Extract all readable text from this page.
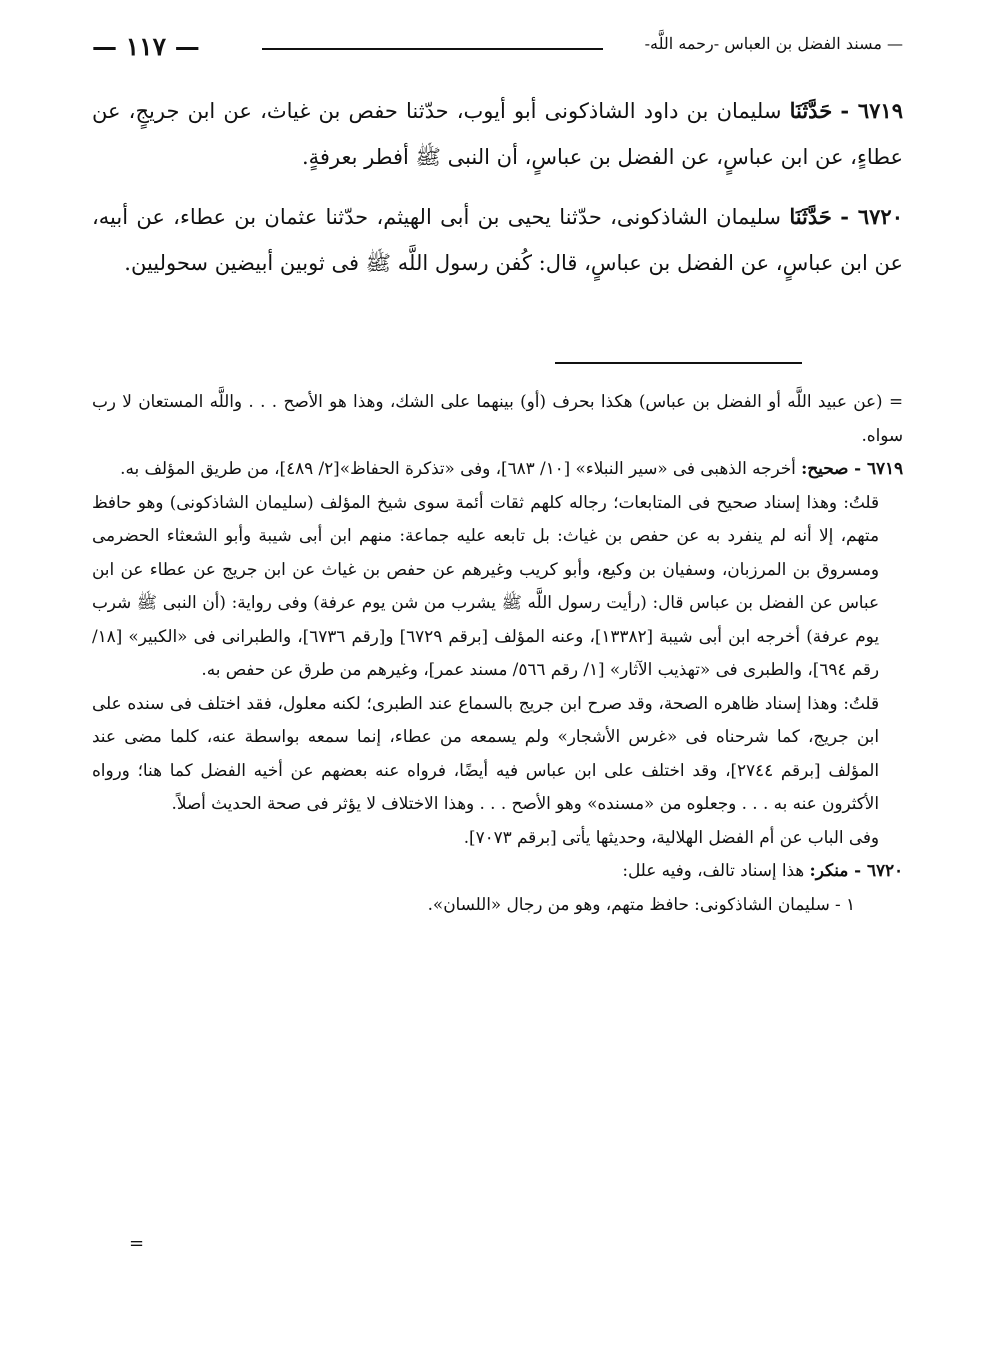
— ١١٧ —	— مسند الفضل بن العباس -رحمه اللَّه-
٦٧١٩ - حَدَّثَنَا سليمان بن داود الشاذكونى أبو أيوب، حدّثنا حفص بن غياث، عن ابن جريجٍ، عن عطاءٍ، عن ابن عباسٍ، عن الفضل بن عباسٍ، أن النبى ﷺ أفطر بعرفةٍ.
٦٧٢٠ - حَدَّثَنَا سليمان الشاذكونى، حدّثنا يحيى بن أبى الهيثم، حدّثنا عثمان بن عطاء، عن أبيه، عن ابن عباسٍ، عن الفضل بن عباسٍ، قال: كُفن رسول اللَّه ﷺ فى ثوبين أبيضين سحوليين.

= (عن عبيد اللَّه أو الفضل بن عباس) هكذا بحرف (أو) بينهما على الشك، وهذا هو الأصح . . . واللَّه المستعان لا رب سواه.

٦٧١٩ - صحيح: أخرجه الذهبى فى «سير النبلاء» [١٠/ ٦٨٣]، وفى «تذكرة الحفاظ»[٢/ ٤٨٩]، من طريق المؤلف به.

قلتُ: وهذا إسناد صحيح فى المتابعات؛ رجاله كلهم ثقات أئمة سوى شيخ المؤلف (سليمان الشاذكونى) وهو حافظ متهم، إلا أنه لم ينفرد به عن حفص بن غياث: بل تابعه عليه جماعة: منهم ابن أبى شيبة وأبو الشعثاء الحضرمى ومسروق بن المرزبان، وسفيان بن وكيع، وأبو كريب وغيرهم عن حفص بن غياث عن ابن جريج عن عطاء عن ابن عباس عن الفضل بن عباس قال: (رأيت رسول اللَّه ﷺ يشرب من شن يوم عرفة) وفى رواية: (أن النبى ﷺ شرب يوم عرفة) أخرجه ابن أبى شيبة [١٣٣٨٢]، وعنه المؤلف [برقم ٦٧٢٩] و[رقم ٦٧٣٦]، والطبرانى فى «الكبير» [١٨/ رقم ٦٩٤]، والطبرى فى «تهذيب الآثار» [١/ رقم ٥٦٦/ مسند عمر]، وغيرهم من طرق عن حفص به.

قلتُ: وهذا إسناد ظاهره الصحة، وقد صرح ابن جريج بالسماع عند الطبرى؛ لكنه معلول، فقد اختلف فى سنده على ابن جريج، كما شرحناه فى «غرس الأشجار» ولم يسمعه من عطاء، إنما سمعه بواسطة عنه، كلما مضى عند المؤلف [برقم ٢٧٤٤]، وقد اختلف على ابن عباس فيه أيضًا، فرواه عنه بعضهم عن أخيه الفضل كما هنا؛ ورواه الأكثرون عنه به . . . وجعلوه من «مسنده» وهو الأصح . . . وهذا الاختلاف لا يؤثر فى صحة الحديث أصلاً.

وفى الباب عن أم الفضل الهلالية، وحديثها يأتى [برقم ٧٠٧٣].

٦٧٢٠ - منكر: هذا إسناد تالف، وفيه علل:

١ - سليمان الشاذكونى: حافظ متهم، وهو من رجال «اللسان».

=
